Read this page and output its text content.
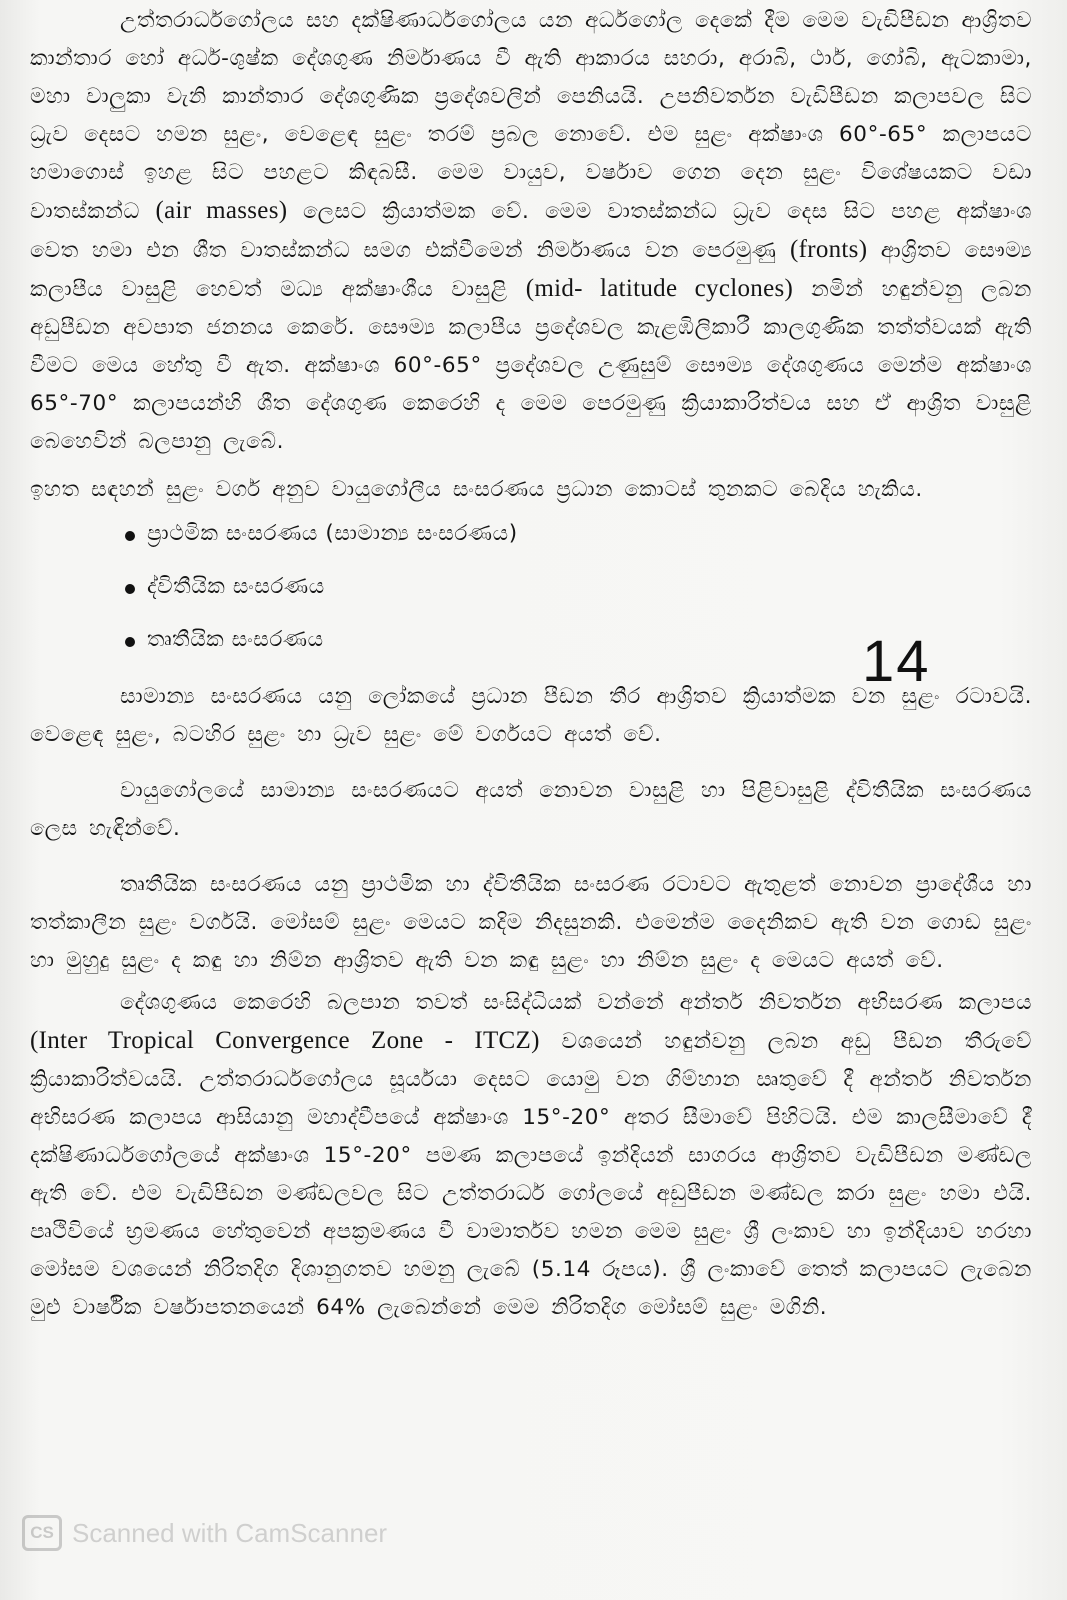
උත්තරාර්ධගෝලය සහ දක්ෂිණාර්ධගෝලය යන අර්ධගෝල දෙකේ දීම මෙම වැඩිපීඩන ආශ්‍රිතව කාන්තාර හෝ අර්ධ-ශුෂ්ක දේශගුණ නිර්මාණය වී ඇති ආකාරය සහරා, අරාබි, ථාර්, ගෝබි, ඇටකාමා, මහා වාලුකා වැනි කාන්තාර දේශගුණික ප්‍රදේශවලින් පෙනියයි. උපනිවර්තන වැඩිපීඩන කලාපවල සිට ධ්‍රැව දෙසට හමන සුළං, වෙළෙඳ සුළං තරම් ප්‍රබල නොවේ. එම සුළං අක්ෂාංශ 60°-65° කලාපයට හමාගොස් ඉහළ සිට පහළට කිඳබසී. මෙම වායුව, වර්ෂාව ගෙන දෙන සුළං විශේෂයකට වඩා වාතස්කන්ධ (air masses) ලෙසට ක්‍රියාත්මක වේ. මෙම වාතස්කන්ධ ධ්‍රැව දෙස සිට පහළ අක්ෂාංශ වෙත හමා එන ශීත වාතස්කන්ධ සමග එක්වීමෙන් නිර්මාණය වන පෙරමුණු (fronts) ආශ්‍රිතව සෞම්‍ය කලාපීය වාසුළි හෙවත් මධ්‍ය අක්ෂාංශීය වාසුළි (mid- latitude cyclones) නමින් හඳුන්වනු ලබන අඩුපීඩන අවපාත ජනනය කෙරේ. සෞම්‍ය කලාපීය ප්‍රදේශවල කැළඹිලිකාරී කාලගුණික තත්ත්වයක් ඇති වීමට මෙය හේතු වී ඇත. අක්ෂාංශ 60°-65° ප්‍රදේශවල උණුසුම් සෞම්‍ය දේශගුණය මෙන්ම අක්ෂාංශ 65°-70° කලාපයන්හි ශීත දේශගුණ කෙරෙහි ද මෙම පෙරමුණු ක්‍රියාකාරිත්වය සහ ඒ ආශ්‍රිත වාසුළි බෙහෙවින් බලපානු ලැබේ.

ඉහත සඳහන් සුළං වර්ග අනුව වායුගෝලීය සංසරණය ප්‍රධාන කොටස් තුනකට බෙදිය හැකිය.

ප්‍රාථමික සංසරණය (සාමාන්‍ය සංසරණය)
ද්විතීයික සංසරණය
තෘතීයික සංසරණය

සාමාන්‍ය සංසරණය යනු ලෝකයේ ප්‍රධාන පීඩන තීර ආශ්‍රිතව ක්‍රියාත්මක වන සුළං රටාවයි. වෙළෙඳ සුළං, බටහිර සුළං හා ධ්‍රැව සුළං මේ වර්ගයට අයත් වේ.

වායුගෝලයේ සාමාන්‍ය සංසරණයට අයත් නොවන වාසුළි හා පිළිවාසුළි ද්විතීයික සංසරණය ලෙස හැඳින්වේ.

තෘතීයික සංසරණය යනු ප්‍රාථමික හා ද්විතීයික සංසරණ රටාවට ඇතුළත් නොවන ප්‍රාදේශීය හා තත්කාලීන සුළං වර්ගයි. මෝසම් සුළං මෙයට කදිම නිදසුනකි. එමෙන්ම දෛනිකව ඇති වන ගොඩ සුළං හා මුහුදු සුළං ද කඳු හා නිම්න ආශ්‍රිතව ඇති වන කඳු සුළං හා නිම්න සුළං ද මෙයට අයත් වේ.

දේශගුණය කෙරෙහි බලපාන තවත් සංසිද්ධියක් වන්නේ අන්තර් නිවර්තන අභිසරණ කලාපය (Inter Tropical Convergence Zone - ITCZ) වශයෙන් හඳුන්වනු ලබන අඩු පීඩන තීරුවේ ක්‍රියාකාරිත්වයයි. උත්තරාර්ධගෝලය සූර්යයා දෙසට යොමු වන ගිම්හාන ඍතුවේ දී අන්තර් නිවර්තන අභිසරණ කලාපය ආසියානු මහාද්වීපයේ අක්ෂාංශ 15°-20° අතර සීමාවේ පිහිටයි. එම කාලසීමාවේ දී දක්ෂිණාර්ධගෝලයේ අක්ෂාංශ 15°-20° පමණ කලාපයේ ඉන්දියන් සාගරය ආශ්‍රිතව වැඩිපීඩන මණ්ඩල ඇති වේ. එම වැඩිපීඩන මණ්ඩලවල සිට උත්තරාර්ධ ගෝලයේ අඩුපීඩන මණ්ඩල කරා සුළං හමා එයි. පෘථිවියේ භ්‍රමණය හේතුවෙන් අපක්‍රමණය වී වාමාර්තව හමන මෙම සුළං ශ්‍රී ලංකාව හා ඉන්දියාව හරහා මෝසම වශයෙන් නිරිතදිග දිශානුගතව හමනු ලැබේ (5.14 රූපය). ශ්‍රී ලංකාවේ තෙත් කලාපයට ලැබෙන මුළු වාර්ෂික වර්ෂාපතනයෙන් 64% ලැබෙන්නේ මෙම නිරිතදිග මෝසම් සුළං මගිනි.

14
CS Scanned with CamScanner
